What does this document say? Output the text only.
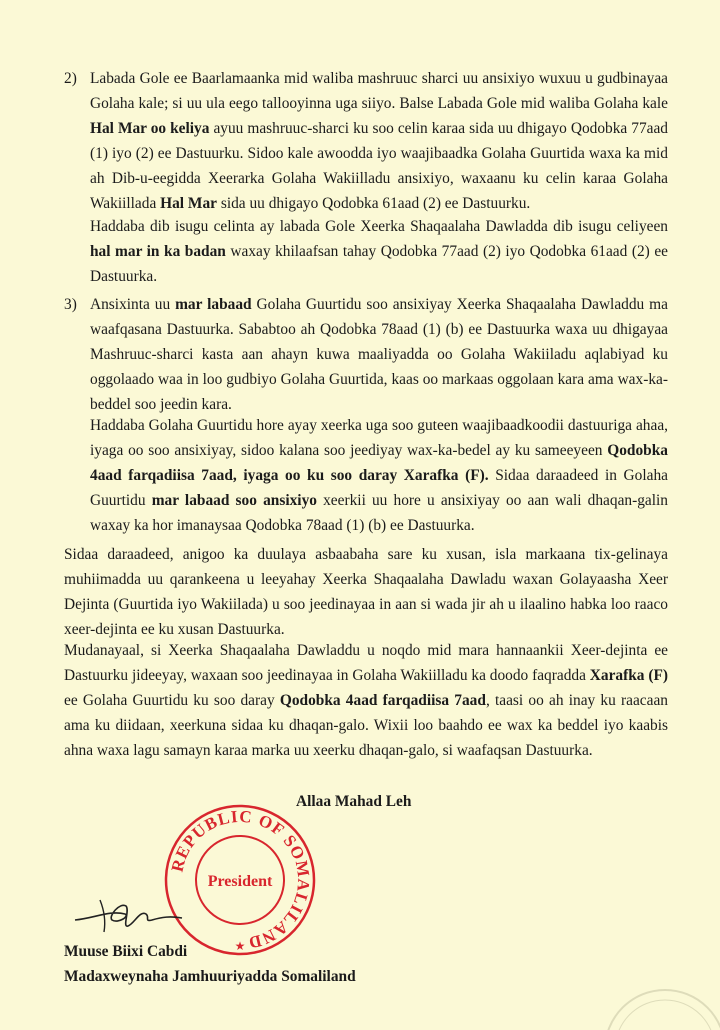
2) Labada Gole ee Baarlamaanka mid waliba mashruuc sharci uu ansixiyo wuxuu u gudbinayaa Golaha kale; si uu ula eego tallooyinna uga siiyo. Balse Labada Gole mid waliba Golaha kale Hal Mar oo keliya ayuu mashruuc-sharci ku soo celin karaa sida uu dhigayo Qodobka 77aad (1) iyo (2) ee Dastuurku. Sidoo kale awoodda iyo waajibaadka Golaha Guurtida waxa ka mid ah Dib-u-eegidda Xeerarka Golaha Wakiilladu ansixiyo, waxaanu ku celin karaa Golaha Wakiillada Hal Mar sida uu dhigayo Qodobka 61aad (2) ee Dastuurku.

Haddaba dib isugu celinta ay labada Gole Xeerka Shaqaalaha Dawladda dib isugu celiyeen hal mar in ka badan waxay khilaafsan tahay Qodobka 77aad (2) iyo Qodobka 61aad (2) ee Dastuurka.

3) Ansixinta uu mar labaad Golaha Guurtidu soo ansixiyay Xeerka Shaqaalaha Dawladdu ma waafqasana Dastuurka. Sababtoo ah Qodobka 78aad (1) (b) ee Dastuurka waxa uu dhigayaa Mashruuc-sharci kasta aan ahayn kuwa maaliyadda oo Golaha Wakiiladu aqlabiyad ku oggolaado waa in loo gudbiyo Golaha Guurtida, kaas oo markaas oggolaan kara ama wax-ka-beddel soo jeedin kara.

Haddaba Golaha Guurtidu hore ayay xeerka uga soo guteen waajibaadkoodii dastuuriga ahaa, iyaga oo soo ansixiyay, sidoo kalana soo jeediyay wax-ka-bedel ay ku sameeyeen Qodobka 4aad farqadiisa 7aad, iyaga oo ku soo daray Xarafka (F). Sidaa daraadeed in Golaha Guurtidu mar labaad soo ansixiyo xeerkii uu hore u ansixiyay oo aan wali dhaqan-galin waxay ka hor imanaysaa Qodobka 78aad (1) (b) ee Dastuurka.

Sidaa daraadeed, anigoo ka duulaya asbaabaha sare ku xusan, isla markaana tix-gelinaya muhiimadda uu qarankeena u leeyahay Xeerka Shaqaalaha Dawladu waxan Golayaasha Xeer Dejinta (Guurtida iyo Wakiilada) u soo jeedinayaa in aan si wada jir ah u ilaalino habka loo raaco xeer-dejinta ee ku xusan Dastuurka.

Mudanayaal, si Xeerka Shaqaalaha Dawladdu u noqdo mid mara hannaankii Xeer-dejinta ee Dastuurku jideeyay, waxaan soo jeedinayaa in Golaha Wakiilladu ka doodo faqradda Xarafka (F) ee Golaha Guurtidu ku soo daray Qodobka 4aad farqadiisa 7aad, taasi oo ah inay ku raacaan ama ku diidaan, xeerkuna sidaa ku dhaqan-galo. Wixii loo baahdo ee wax ka beddel iyo kaabis ahna waxa lagu samayn karaa marka uu xeerku dhaqan-galo, si waafaqsan Dastuurka.

Allaa Mahad Leh

REPUBLIC OF SOMALILAND
President
★

Muuse Biixi Cabdi

Madaxweynaha Jamhuuriyadda Somaliland
